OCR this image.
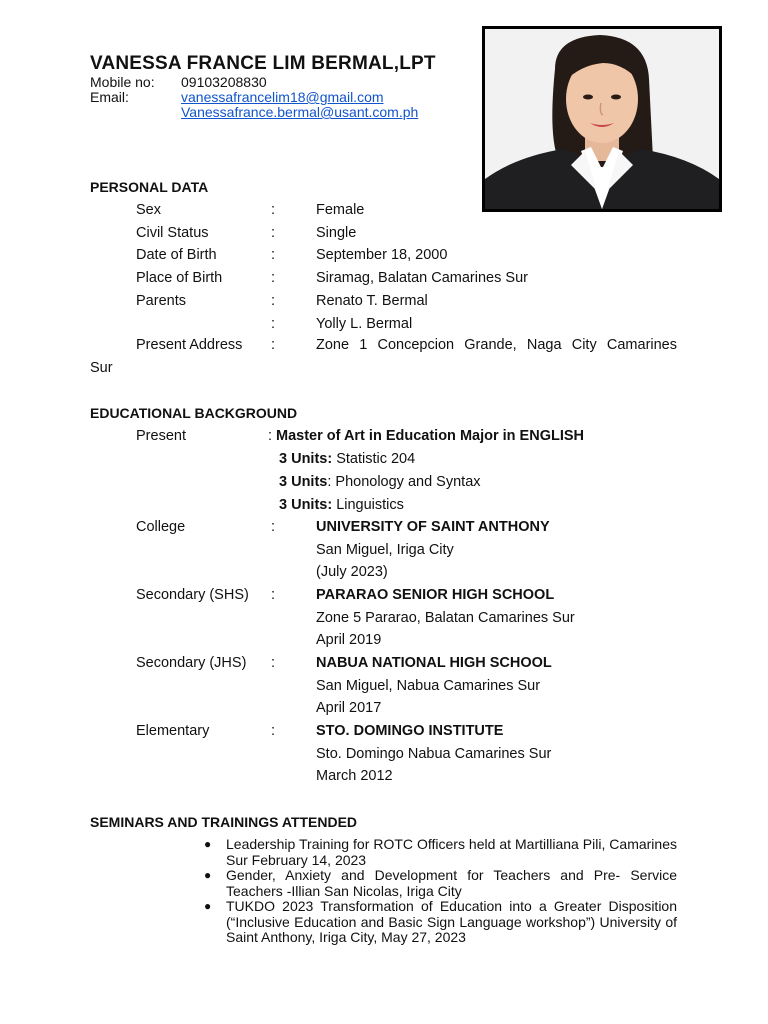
VANESSA FRANCE LIM BERMAL,LPT
Mobile no: 09103208830
Email:	vanessafrancelim18@gmail.com
Vanessafrance.bermal@usant.com.ph
PERSONAL DATA
Sex	:	Female
Civil Status	:	Single
Date of Birth	:	September 18, 2000
Place of Birth	:	Siramag, Balatan Camarines Sur
Parents	:	Renato T. Bermal
:	Yolly L. Bermal
Present Address :	Zone 1 Concepcion Grande, Naga City Camarines
Sur
EDUCATIONAL BACKGROUND
Present	: Master of Art in Education Major in ENGLISH
3 Units: Statistic 204
3 Units: Phonology and Syntax
3 Units: Linguistics
College	:	UNIVERSITY OF SAINT ANTHONY
San Miguel, Iriga City
(July 2023)
Secondary (SHS) :	PARARAO SENIOR HIGH SCHOOL
Zone 5 Pararao, Balatan Camarines Sur
April 2019
Secondary (JHS) :	NABUA NATIONAL HIGH SCHOOL
San Miguel, Nabua Camarines Sur
April 2017
Elementary	:	STO. DOMINGO INSTITUTE
Sto. Domingo Nabua Camarines Sur
March 2012
SEMINARS AND TRAININGS ATTENDED
● Leadership Training for ROTC Officers held at Martilliana Pili, Camarines Sur February 14, 2023
● Gender, Anxiety and Development for Teachers and Pre- Service Teachers -Illian San Nicolas, Iriga City
● TUKDO 2023 Transformation of Education into a Greater Disposition (“Inclusive Education and Basic Sign Language workshop”) University of Saint Anthony, Iriga City, May 27, 2023
